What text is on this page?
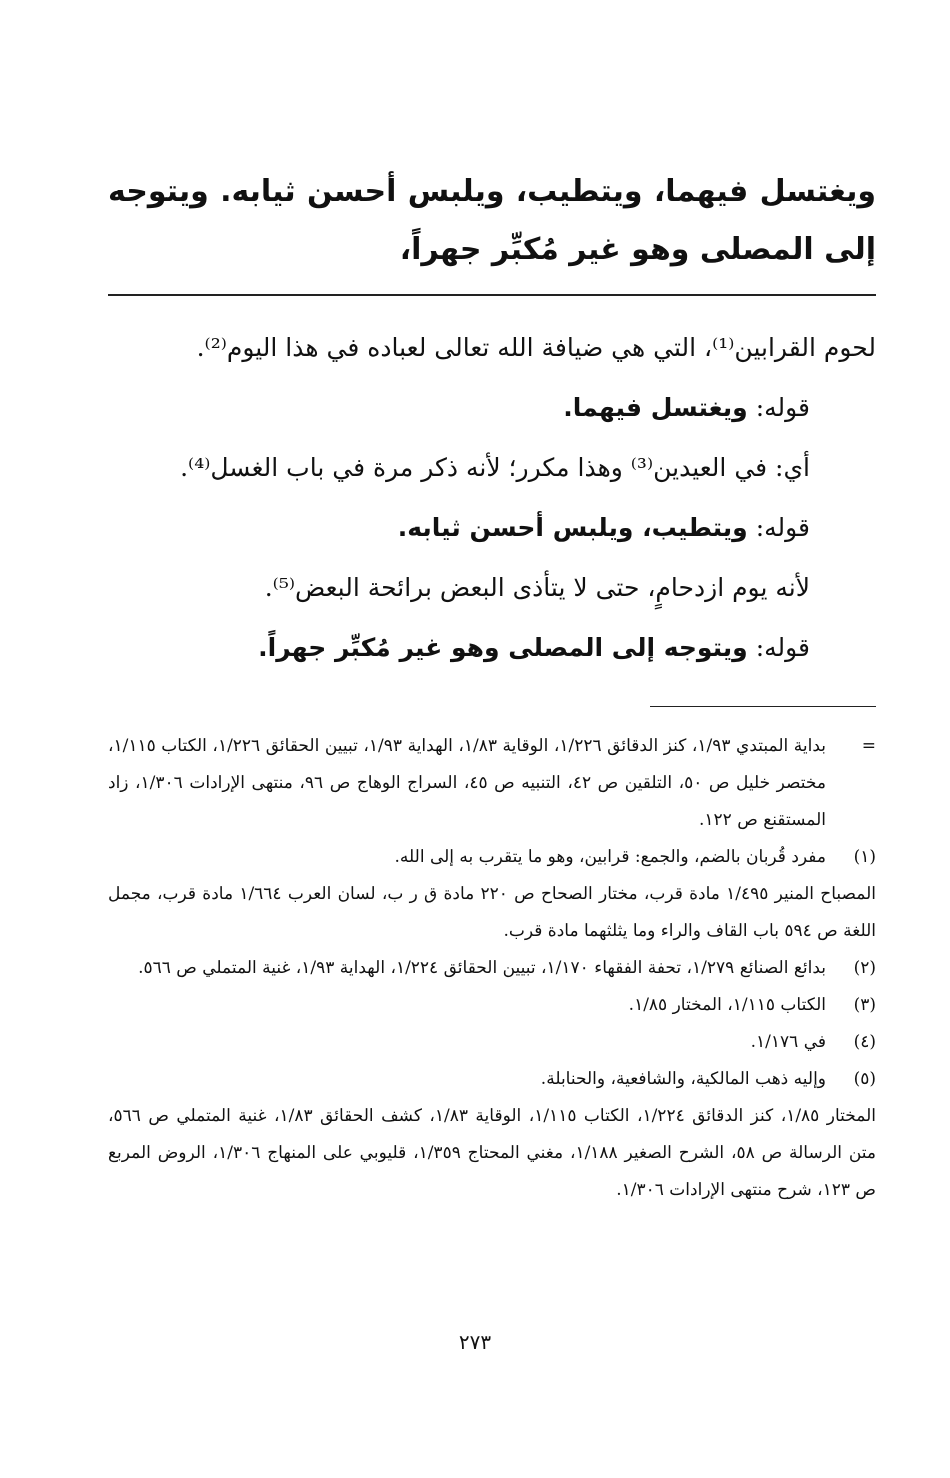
ويغتسل فيهما، ويتطيب، ويلبس أحسن ثيابه. ويتوجه إلى المصلى وهو غير مُكبِّر جهراً،

لحوم القرابين⁽¹⁾، التي هي ضيافة الله تعالى لعباده في هذا اليوم⁽²⁾.

قوله: ويغتسل فيهما.

أي: في العيدين⁽³⁾ وهذا مكرر؛ لأنه ذكر مرة في باب الغسل⁽⁴⁾.

قوله: ويتطيب، ويلبس أحسن ثيابه.

لأنه يوم ازدحامٍ، حتى لا يتأذى البعض برائحة البعض⁽⁵⁾.

قوله: ويتوجه إلى المصلى وهو غير مُكبِّر جهراً.

=
بداية المبتدي ١/٩٣، كنز الدقائق ١/٢٢٦، الوقاية ١/٨٣، الهداية ١/٩٣، تبيين الحقائق ١/٢٢٦، الكتاب ١/١١٥، مختصر خليل ص ٥٠، التلقين ص ٤٢، التنبيه ص ٤٥، السراج الوهاج ص ٩٦، منتهى الإرادات ١/٣٠٦، زاد المستقنع ص ١٢٢.
(١)
مفرد قُربان بالضم، والجمع: قرابين، وهو ما يتقرب به إلى الله.

المصباح المنير ١/٤٩٥ مادة قرب، مختار الصحاح ص ٢٢٠ مادة ق ر ب، لسان العرب ١/٦٦٤ مادة قرب، مجمل اللغة ص ٥٩٤ باب القاف والراء وما يثلثهما مادة قرب.

(٢)
بدائع الصنائع ١/٢٧٩، تحفة الفقهاء ١/١٧٠، تبيين الحقائق ١/٢٢٤، الهداية ١/٩٣، غنية المتملي ص ٥٦٦.
(٣)
الكتاب ١/١١٥، المختار ١/٨٥.
(٤)
في ١/١٧٦.
(٥)
وإليه ذهب المالكية، والشافعية، والحنابلة.

المختار ١/٨٥، كنز الدقائق ١/٢٢٤، الكتاب ١/١١٥، الوقاية ١/٨٣، كشف الحقائق ١/٨٣، غنية المتملي ص ٥٦٦، متن الرسالة ص ٥٨، الشرح الصغير ١/١٨٨، مغني المحتاج ١/٣٥٩، قليوبي على المنهاج ١/٣٠٦، الروض المربع ص ١٢٣، شرح منتهى الإرادات ١/٣٠٦.

٢٧٣
